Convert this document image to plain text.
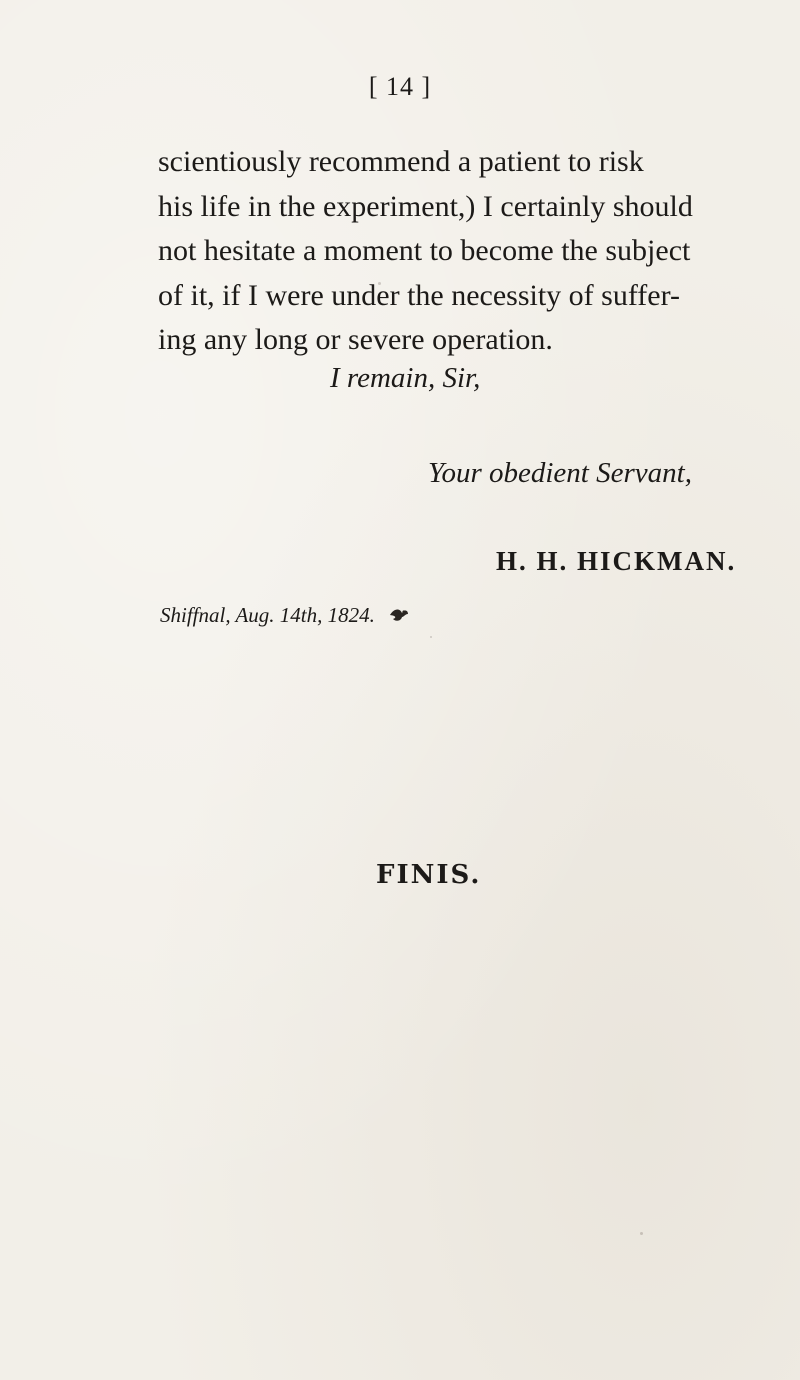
[ 14 ]
scientiously recommend a patient to risk
his life in the experiment,) I certainly should
not hesitate a moment to become the subject
of it, if I were under the necessity of suffer-
ing any long or severe operation.
I remain, Sir,
Your obedient Servant,
H. H. HICKMAN.
Shiffnal, Aug. 14th, 1824.
FINIS.
